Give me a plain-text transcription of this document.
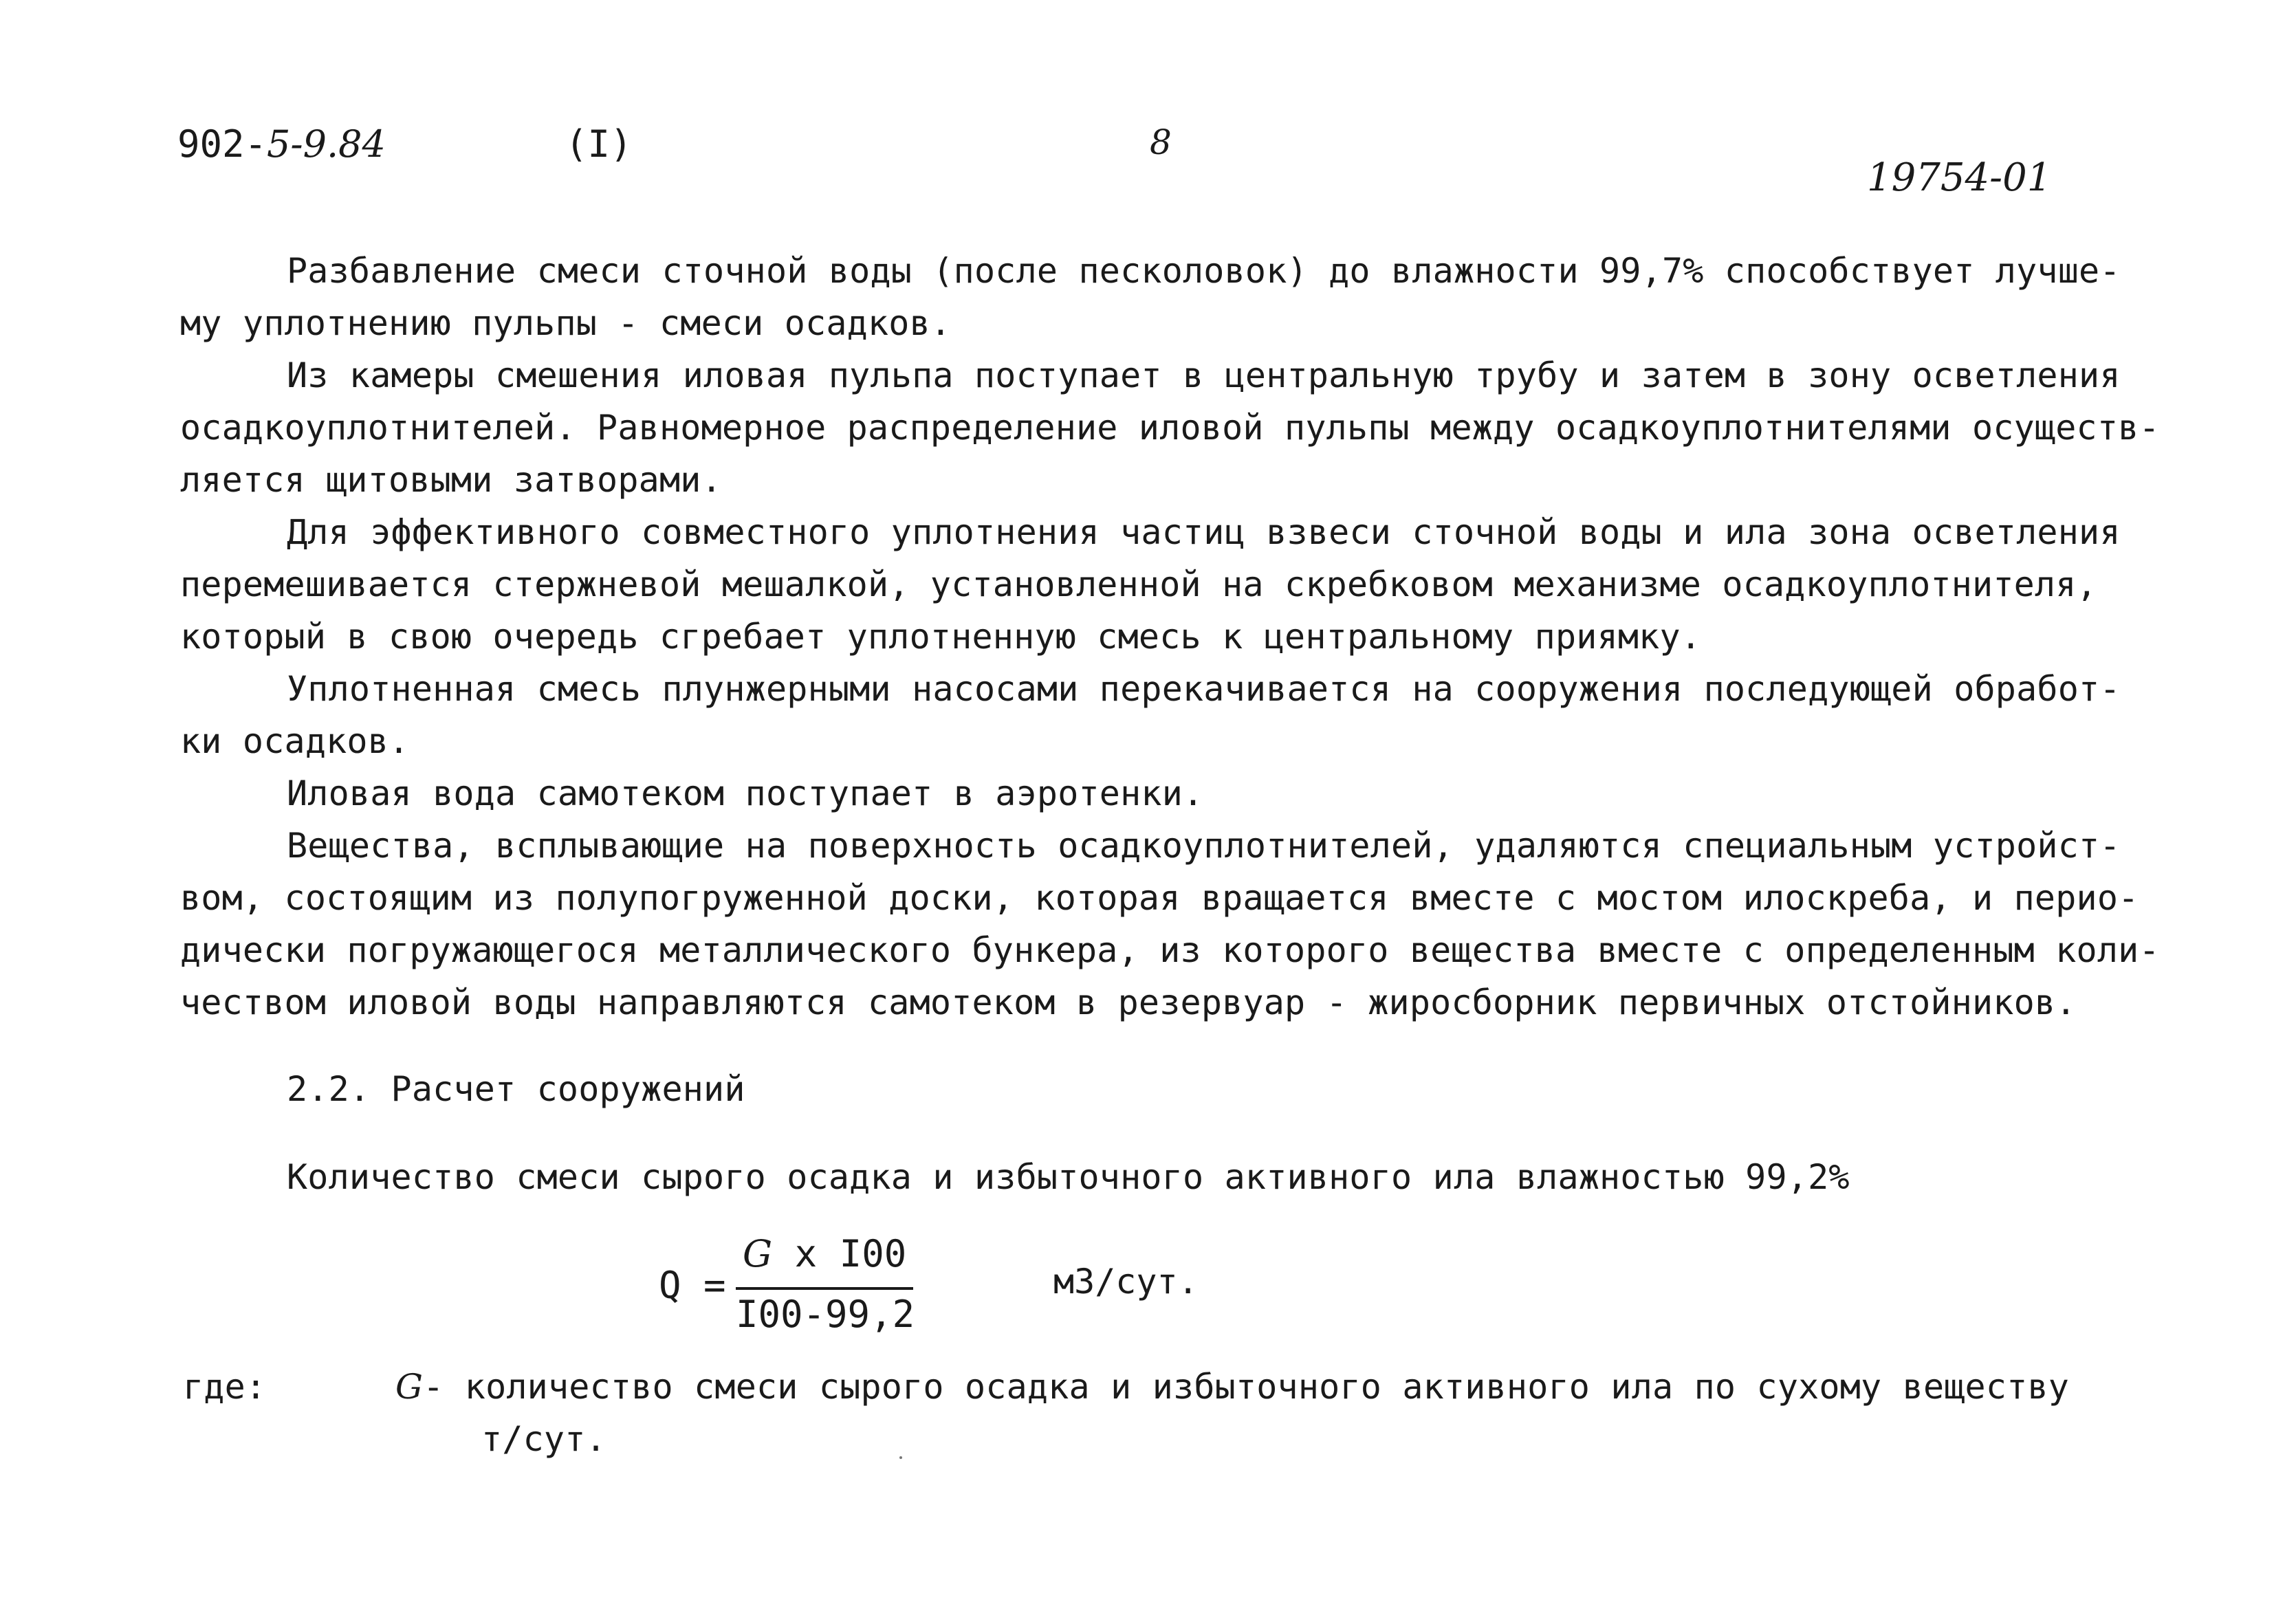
902-5-9.84	(I)	8
19754-01
Разбавление смеси сточной воды (после песколовок) до влажности 99,7% способствует лучше-
му уплотнению пульпы - смеси осадков.
Из камеры смешения иловая пульпа поступает в центральную трубу и затем в зону осветления
осадкоуплотнителей. Равномерное распределение иловой пульпы между осадкоуплотнителями осуществ-
ляется щитовыми затворами.
Для эффективного совместного уплотнения частиц взвеси сточной воды и ила зона осветления
перемешивается стержневой мешалкой, установленной на скребковом механизме осадкоуплотнителя,
который в свою очередь сгребает уплотненную смесь к центральному приямку.
Уплотненная смесь плунжерными насосами перекачивается на сооружения последующей обработ-
ки осадков.
Иловая вода самотеком поступает в аэротенки.
Вещества, всплывающие на поверхность осадкоуплотнителей, удаляются специальным устройст-
вом, состоящим из полупогруженной доски, которая вращается вместе с мостом илоскреба, и перио-
дически погружающегося металлического бункера, из которого вещества вместе с определенным коли-
чеством иловой воды направляются самотеком в резервуар - жиросборник первичных отстойников.
2.2. Расчет сооружений
Количество смеси сырого осадка и избыточного активного ила влажностью 99,2%
Q =
G x I00
I00-99,2
м3/сут.
где:	G- количество смеси сырого осадка и избыточного активного ила по сухому веществу
т/сут.
